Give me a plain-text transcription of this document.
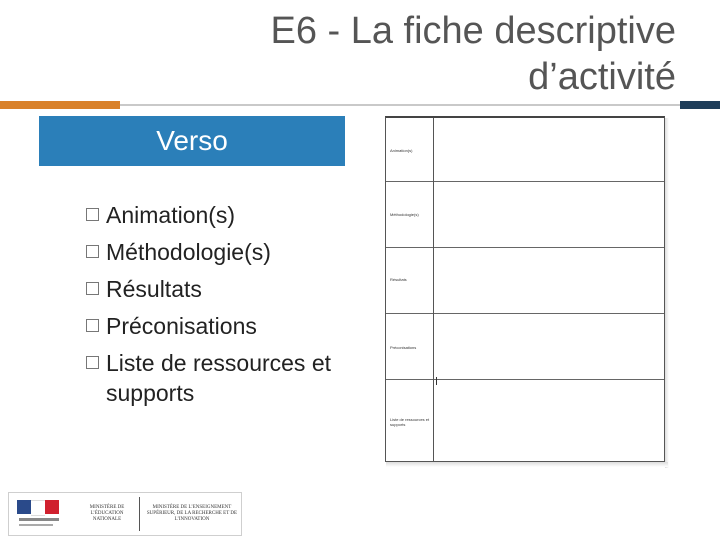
E6 - La fiche descriptive
d’activité
Verso
Animation(s)
Méthodologie(s)
Résultats
Préconisations
Liste de ressources et supports
Animation(s)
Méthodologie(s)
Résultats
Préconisations
Liste de ressources et supports
MINISTÈRE DE L’ÉDUCATION NATIONALE
MINISTÈRE DE L’ENSEIGNEMENT SUPÉRIEUR, DE LA RECHERCHE ET DE L’INNOVATION
